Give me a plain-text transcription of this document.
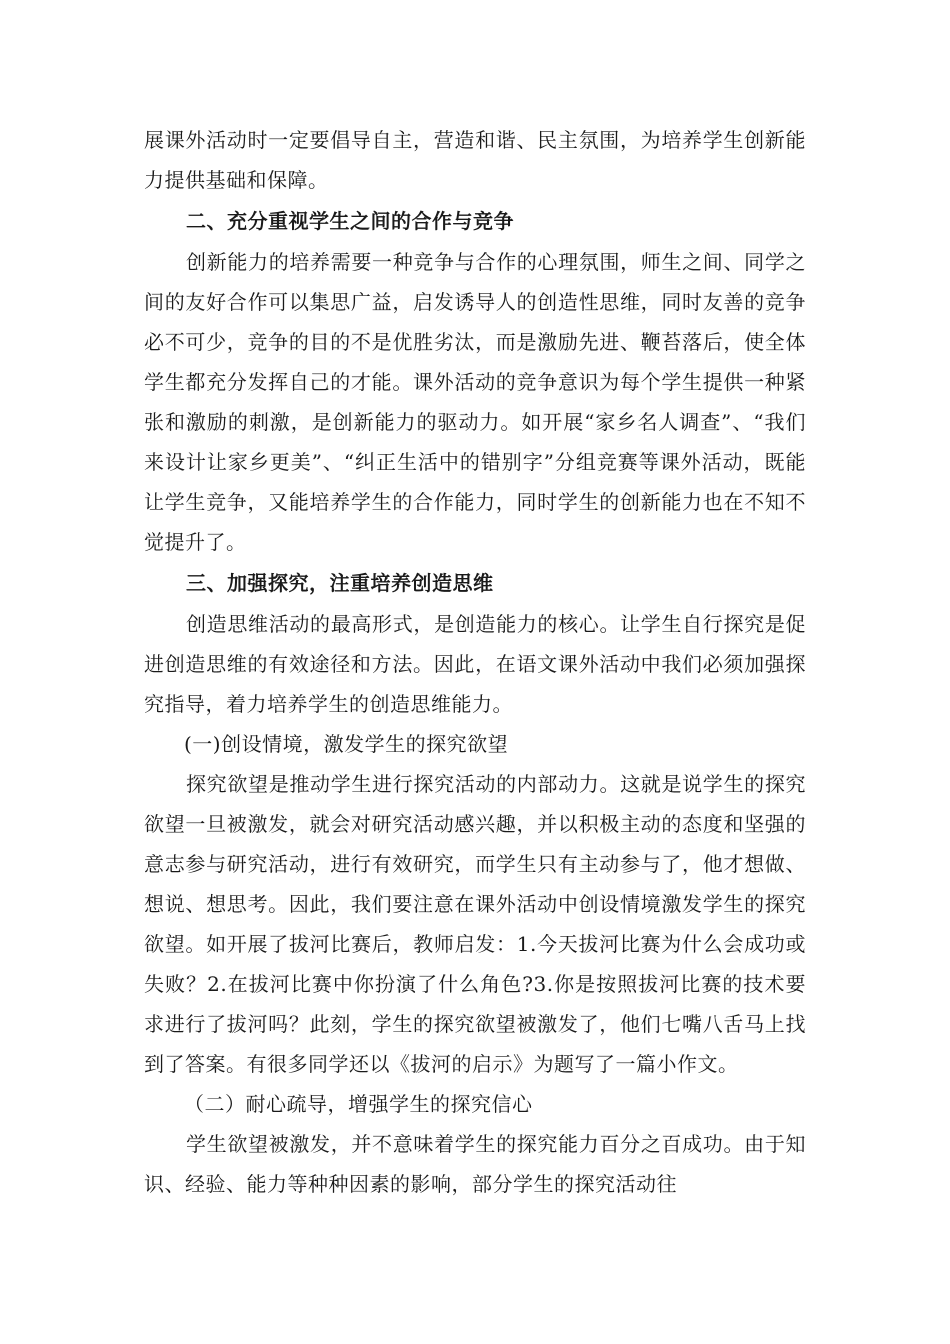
展课外活动时一定要倡导自主，营造和谐、民主氛围，为培养学生创新能力提供基础和保障。

二、充分重视学生之间的合作与竞争

创新能力的培养需要一种竞争与合作的心理氛围，师生之间、同学之间的友好合作可以集思广益，启发诱导人的创造性思维，同时友善的竞争必不可少，竞争的目的不是优胜劣汰，而是激励先进、鞭苔落后，使全体学生都充分发挥自己的才能。课外活动的竞争意识为每个学生提供一种紧张和激励的刺激，是创新能力的驱动力。如开展“家乡名人调查”、“我们来设计让家乡更美”、“纠正生活中的错别字”分组竞赛等课外活动，既能让学生竞争，又能培养学生的合作能力，同时学生的创新能力也在不知不觉提升了。

三、加强探究，注重培养创造思维

创造思维活动的最高形式，是创造能力的核心。让学生自行探究是促进创造思维的有效途径和方法。因此，在语文课外活动中我们必须加强探究指导，着力培养学生的创造思维能力。

(一)创设情境，激发学生的探究欲望

探究欲望是推动学生进行探究活动的内部动力。这就是说学生的探究欲望一旦被激发，就会对研究活动感兴趣，并以积极主动的态度和坚强的意志参与研究活动，进行有效研究，而学生只有主动参与了，他才想做、想说、想思考。因此，我们要注意在课外活动中创设情境激发学生的探究欲望。如开展了拔河比赛后，教师启发：1.今天拔河比赛为什么会成功或失败？2.在拔河比赛中你扮演了什么角色?3.你是按照拔河比赛的技术要求进行了拔河吗？此刻，学生的探究欲望被激发了，他们七嘴八舌马上找到了答案。有很多同学还以《拔河的启示》为题写了一篇小作文。

（二）耐心疏导，增强学生的探究信心

学生欲望被激发，并不意味着学生的探究能力百分之百成功。由于知识、经验、能力等种种因素的影响，部分学生的探究活动往
